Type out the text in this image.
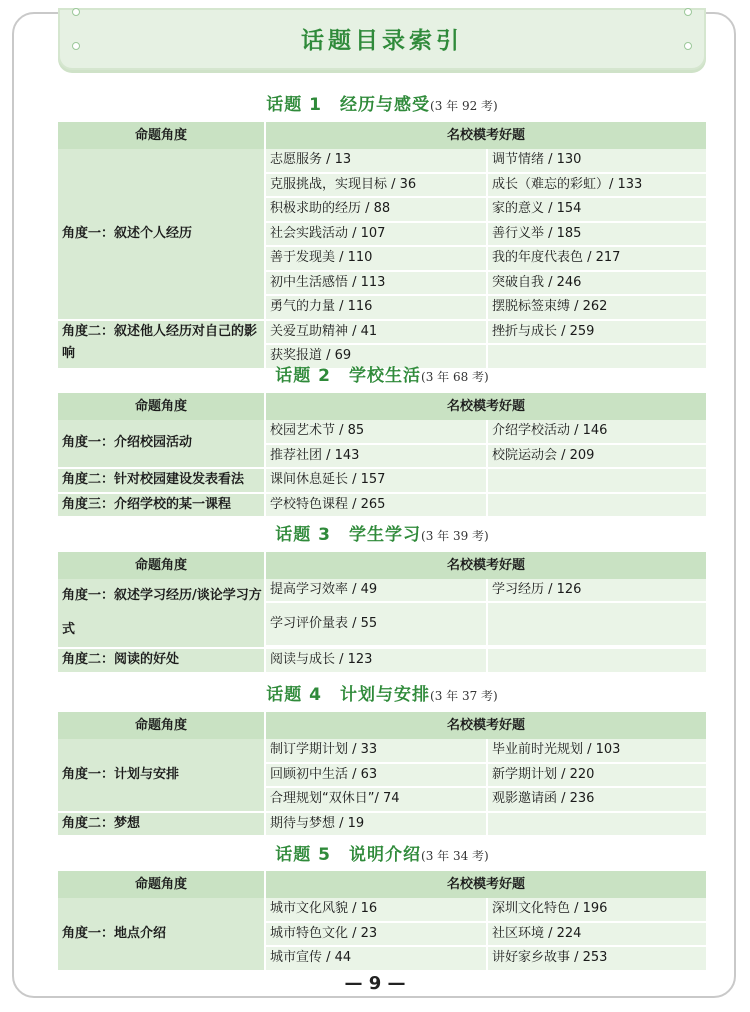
话题目录索引
话题 1　经历与感受(3 年 92 考)
命题角度	名校模考好题
角度一：叙述个人经历
志愿服务 / 13	调节情绪 / 130
克服挑战，实现目标 / 36	成长（难忘的彩虹）/ 133
积极求助的经历 / 88	家的意义 / 154
社会实践活动 / 107	善行义举 / 185
善于发现美 / 110	我的年度代表色 / 217
初中生活感悟 / 113	突破自我 / 246
勇气的力量 / 116	摆脱标签束缚 / 262
角度二：叙述他人经历对自己的影响
关爱互助精神 / 41	挫折与成长 / 259
获奖报道 / 69
话题 2　学校生活(3 年 68 考)
命题角度	名校模考好题
角度一：介绍校园活动
校园艺术节 / 85	介绍学校活动 / 146
推荐社团 / 143	校院运动会 / 209
角度二：针对校园建设发表看法	课间休息延长 / 157
角度三：介绍学校的某一课程	学校特色课程 / 265
话题 3　学生学习(3 年 39 考)
命题角度	名校模考好题
角度一：叙述学习经历/谈论学习方式
提高学习效率 / 49	学习经历 / 126
学习评价量表 / 55
角度二：阅读的好处	阅读与成长 / 123
话题 4　计划与安排(3 年 37 考)
命题角度	名校模考好题
角度一：计划与安排
制订学期计划 / 33	毕业前时光规划 / 103
回顾初中生活 / 63	新学期计划 / 220
合理规划“双休日”/ 74	观影邀请函 / 236
角度二：梦想	期待与梦想 / 19
话题 5　说明介绍(3 年 34 考)
命题角度	名校模考好题
角度一：地点介绍
城市文化风貌 / 16	深圳文化特色 / 196
城市特色文化 / 23	社区环境 / 224
城市宣传 / 44	讲好家乡故事 / 253
— 9 —
